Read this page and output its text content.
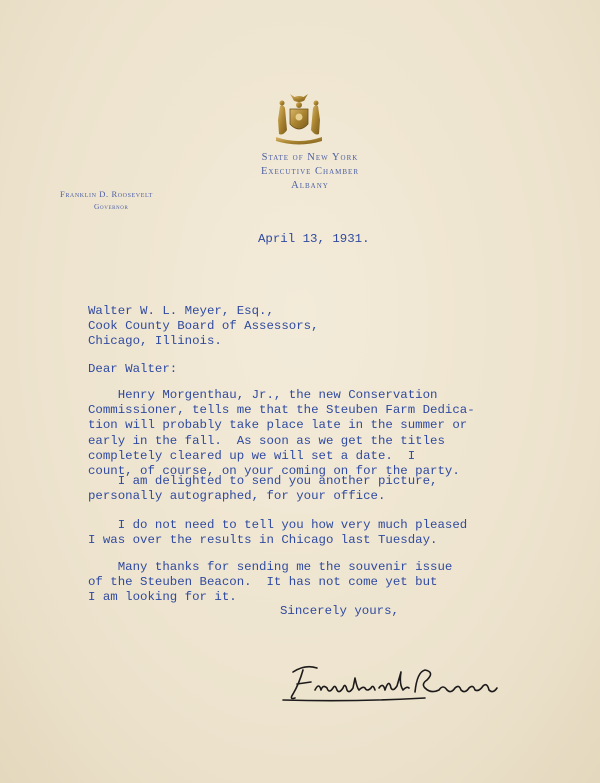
State of New York
Executive Chamber
Albany
Franklin D. Roosevelt
Governor
April 13, 1931.
Walter W. L. Meyer, Esq.,
Cook County Board of Assessors,
Chicago, Illinois.
Dear Walter:
Henry Morgenthau, Jr., the new Conservation
Commissioner, tells me that the Steuben Farm Dedica-
tion will probably take place late in the summer or
early in the fall.  As soon as we get the titles
completely cleared up we will set a date.  I
count, of course, on your coming on for the party.
I am delighted to send you another picture,
personally autographed, for your office.
I do not need to tell you how very much pleased
I was over the results in Chicago last Tuesday.
Many thanks for sending me the souvenir issue
of the Steuben Beacon.  It has not come yet but
I am looking for it.
Sincerely yours,
